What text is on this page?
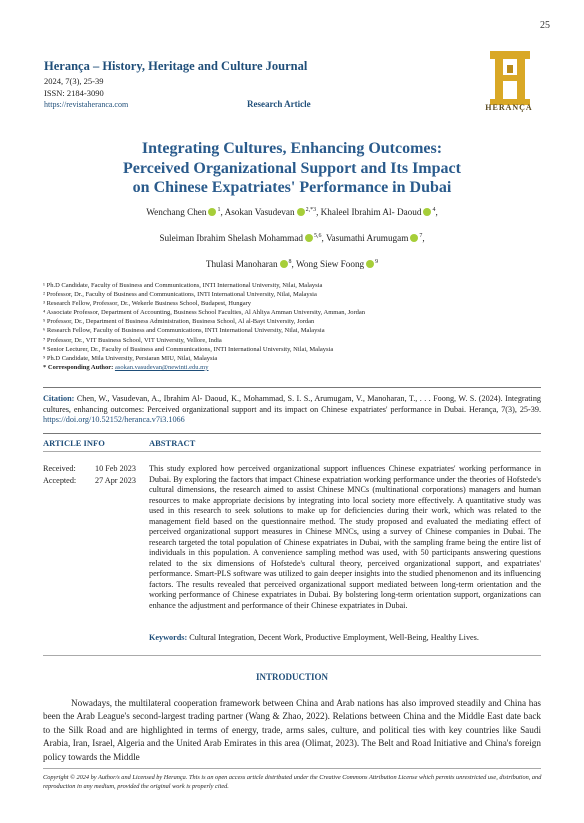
25
Herança – History, Heritage and Culture Journal
2024, 7(3), 25-39
ISSN: 2184-3090
https://revistaheranca.com	Research Article	HERANÇA
Integrating Cultures, Enhancing Outcomes:
Perceived Organizational Support and Its Impact
on Chinese Expatriates' Performance in Dubai
Wenchang Chen $^1$, Asokan Vasudevan $^{2,*3}$, Khaleel Ibrahim Al- Daoud $^4$,
Suleiman Ibrahim Shelash Mohammad $^{5,6}$, Vasumathi Arumugam $^7$,
Thulasi Manoharan $^8$, Wong Siew Foong $^9$
¹ Ph.D Candidate, Faculty of Business and Communications, INTI International University, Nilai, Malaysia
² Professor, Dr., Faculty of Business and Communications, INTI International University, Nilai, Malaysia
³ Research Fellow, Professor, Dr., Wekerle Business School, Budapest, Hungary
⁴ Associate Professor, Department of Accounting, Business School Faculties, Al Ahliya Amman University, Amman, Jordan
⁵ Professor, Dr., Department of Business Administration, Business School, Al al-Bayt University, Jordan
⁶ Research Fellow, Faculty of Business and Communications, INTI International University, Nilai, Malaysia
⁷ Professor, Dr., VIT Business School, VIT University, Vellore, India
⁸ Senior Lecturer, Dr., Faculty of Business and Communications, INTI International University, Nilai, Malaysia
⁹ Ph.D Candidate, Mila University, Persiaran MIU, Nilai, Malaysia
* Corresponding Author: asokan.vasudevan@newinti.edu.my
Citation: Chen, W., Vasudevan, A., Ibrahim Al- Daoud, K., Mohammad, S. I. S., Arumugam, V., Manoharan, T., . . . Foong, W. S. (2024). Integrating cultures, enhancing outcomes: Perceived organizational support and its impact on Chinese expatriates' performance in Dubai. Herança, 7(3), 25-39. https://doi.org/10.52152/heranca.v7i3.1066
ARTICLE INFO	ABSTRACT
Received: 10 Feb 2023
Accepted: 27 Apr 2023
This study explored how perceived organizational support influences Chinese expatriates' working performance in Dubai. By exploring the factors that impact Chinese expatriation working performance under the theories of Hofstede's cultural dimensions, the research aimed to assist Chinese MNCs (multinational corporations) managers and human resources to make appropriate decisions by integrating into local society more effectively. A quantitative study was used in this research to seek solutions to make up for deficiencies during their work, which was related to the management field based on the questionnaire method. The study proposed and evaluated the mediating effect of perceived organizational support measures in Chinese MNCs, using a survey of Chinese companies in Dubai. The research targeted the total population of Chinese expatriates in Dubai, with the sampling frame being the entire list of individuals in this population. A convenience sampling method was used, with 50 participants answering questions related to the six dimensions of Hofstede's cultural theory, perceived organizational support, and expatriates' performance. Smart-PLS software was utilized to gain deeper insights into the studied phenomenon and its influencing factors. The results revealed that perceived organizational support mediated between long-term orientation and the working performance of Chinese expatriates in Dubai. By bolstering long-term orientation support, organizations can enhance the adjustment and performance of their Chinese expatriates in Dubai.
Keywords: Cultural Integration, Decent Work, Productive Employment, Well-Being, Healthy Lives.
INTRODUCTION
Nowadays, the multilateral cooperation framework between China and Arab nations has also improved steadily and China has been the Arab League's second-largest trading partner (Wang & Zhao, 2022). Relations between China and the Middle East date back to the Silk Road and are highlighted in terms of energy, trade, arms sales, culture, and political ties with key countries like Saudi Arabia, Iran, Israel, Algeria and the United Arab Emirates in this area (Olimat, 2023). The Belt and Road Initiative and China's foreign policy towards the Middle
Copyright © 2024 by Author/s and Licensed by Herança. This is an open access article distributed under the Creative Commons Attribution License which permits unrestricted use, distribution, and reproduction in any medium, provided the original work is properly cited.
